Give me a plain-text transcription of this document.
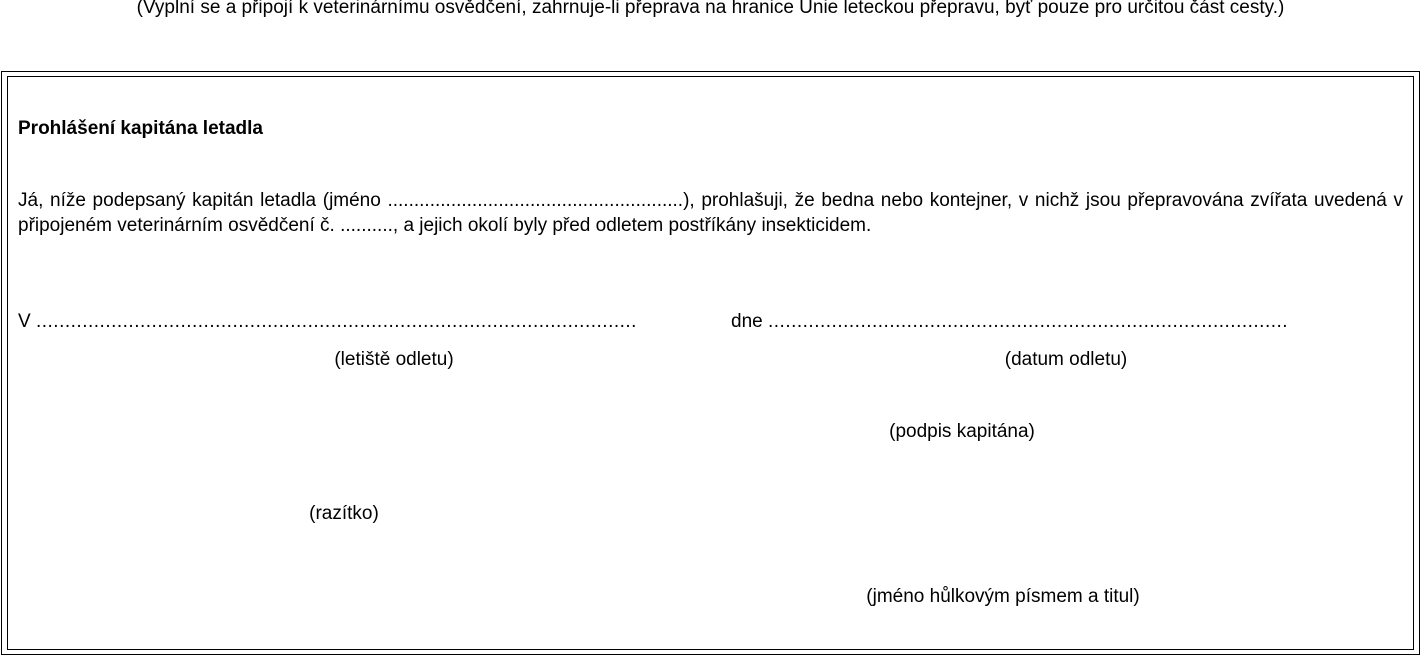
(Vyplní se a připojí k veterinárnímu osvědčení, zahrnuje-li přeprava na hranice Unie leteckou přepravu, byť pouze pro určitou část cesty.)
Prohlášení kapitána letadla
Já, níže podepsaný kapitán letadla (jméno ........................................................), prohlašuji, že bedna nebo kontejner, v nichž jsou přepravována zvířata uvedená v připojeném veterinárním osvědčení č. .........., a jejich okolí byly před odletem postříkány insekticidem.
V ........................................................................................................	dne ..........................................................................................
(letiště odletu)	(datum odletu)
(podpis kapitána)
(razítko)
(jméno hůlkovým písmem a titul)
